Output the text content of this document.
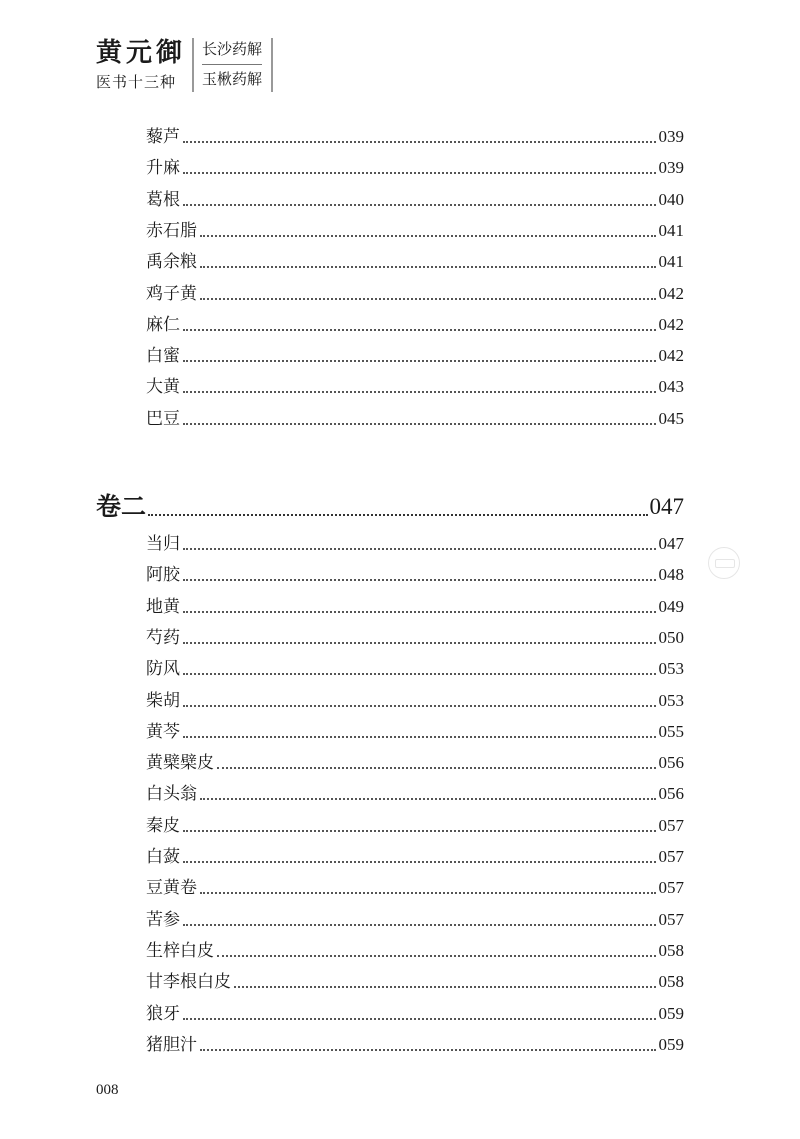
黄元御
医书十三种
长沙药解
玉楸药解
藜芦	039
升麻	039
葛根	040
赤石脂	041
禹余粮	041
鸡子黄	042
麻仁	042
白蜜	042
大黄	043
巴豆	045
卷二	047
当归	047
阿胶	048
地黄	049
芍药	050
防风	053
柴胡	053
黄芩	055
黄檗檗皮	056
白头翁	056
秦皮	057
白蔹	057
豆黄卷	057
苦参	057
生梓白皮	058
甘李根白皮	058
狼牙	059
猪胆汁	059
008
